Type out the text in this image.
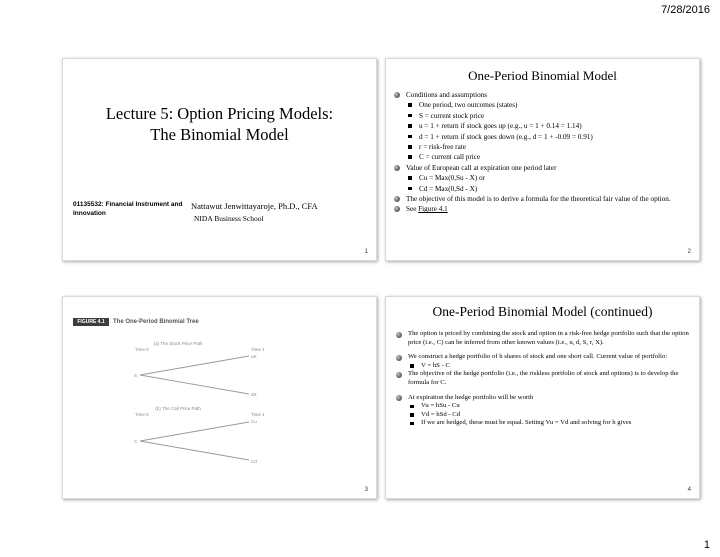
7/28/2016
Lecture 5: Option Pricing Models:
The Binomial Model
01135532: Financial Instrument and
Innovation
Nattawut Jenwittayaroje, Ph.D., CFA
NIDA Business School
1
One-Period Binomial Model
Conditions and assumptions
One period, two outcomes (states)
S = current stock price
u = 1 + return if stock goes up (e.g., u = 1 + 0.14 = 1.14)
d = 1 + return if stock goes down (e.g., d = 1 + -0.09 = 0.91)
r = risk-free rate
C = current call price
Value of European call at expiration one period later
Cu = Max(0,Su - X) or
Cd = Max(0,Sd - X)
The objective of this model is to derive a formula for the theoretical fair value of the option.
See Figure 4.1
2
FIGURE 4.1	The One-Period Binomial Tree
(a) The Stock Price Path
Time 0	Time 1
S
uS
dS
(b) The Call Price Path
Time 0	Time 1
C
Cu
Cd
3
One-Period Binomial Model (continued)
The option is priced by combining the stock and option in a risk-free hedge portfolio such that the option price (i.e., C) can be inferred from other known values (i.e., u, d, S, r, X).
We construct a hedge portfolio of h shares of stock and one short call. Current value of portfolio:
V = hS - C
The objective of the hedge portfolio (i.e., the riskless portfolio of stock and options) is to develop the formula for C.
At expiration the hedge portfolio will be worth
Vu = hSu - Cu
Vd = hSd - Cd
If we are hedged, these must be equal. Setting Vu = Vd and solving for h gives
4
1
